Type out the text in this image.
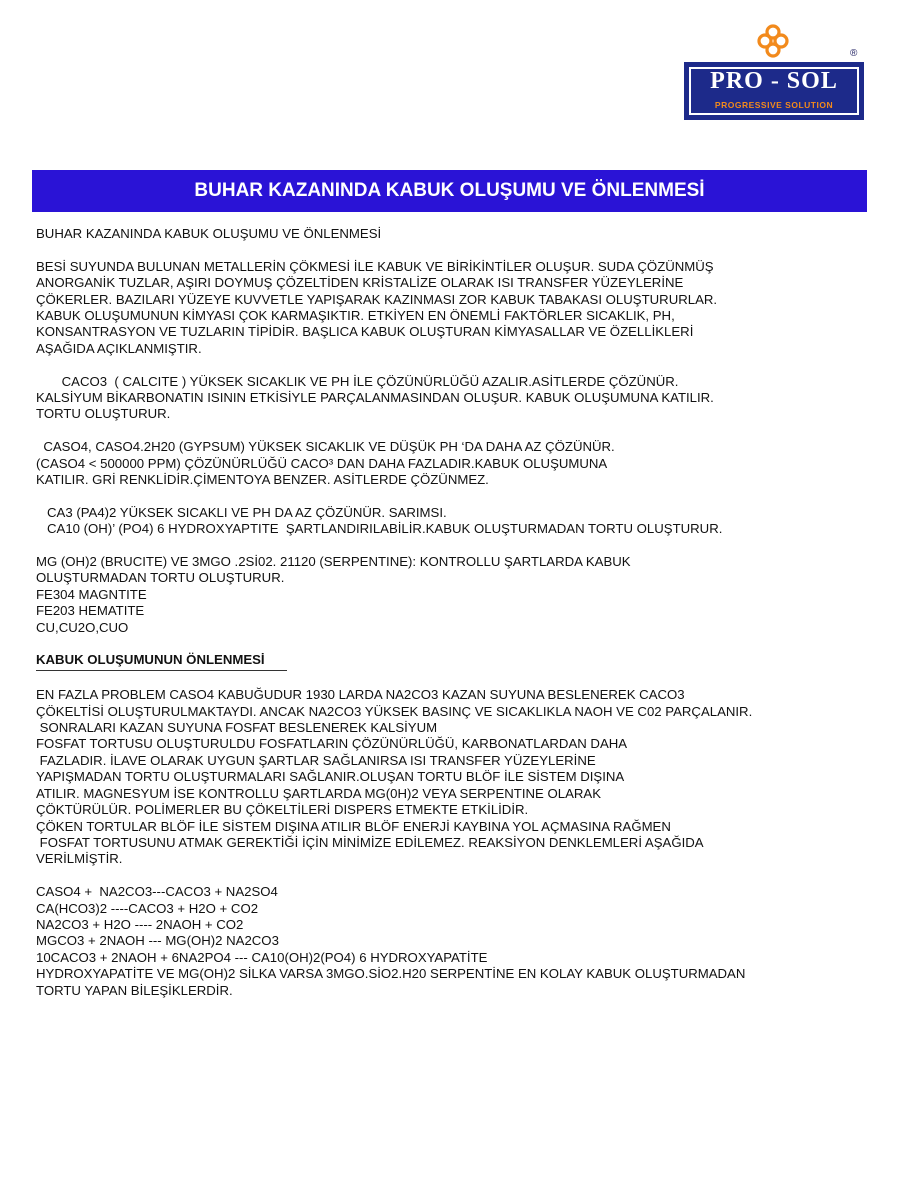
®
PRO - SOL
PROGRESSIVE SOLUTION
BUHAR KAZANINDA KABUK OLUŞUMU VE ÖNLENMESİ

BUHAR KAZANINDA KABUK OLUŞUMU VE ÖNLENMESİ

BESİ SUYUNDA BULUNAN METALLERİN ÇÖKMESİ İLE KABUK VE BİRİKİNTİLER OLUŞUR. SUDA ÇÖZÜNMÜŞ

ANORGANİK TUZLAR, AŞIRI DOYMUŞ ÇÖZELTİDEN KRİSTALİZE OLARAK ISI TRANSFER YÜZEYLERİNE

ÇÖKERLER. BAZILARI YÜZEYE KUVVETLE YAPIŞARAK KAZINMASI ZOR KABUK TABAKASI OLUŞTURURLAR.

KABUK OLUŞUMUNUN KİMYASI ÇOK KARMAŞIKTIR. ETKİYEN EN ÖNEMLİ FAKTÖRLER SICAKLIK, PH,

KONSANTRASYON VE TUZLARIN TİPİDİR. BAŞLICA KABUK OLUŞTURAN KİMYASALLAR VE ÖZELLİKLERİ

AŞAĞIDA AÇIKLANMIŞTIR.

CACO3  ( CALCITE ) YÜKSEK SICAKLIK VE PH İLE ÇÖZÜNÜRLÜĞÜ AZALIR.ASİTLERDE ÇÖZÜNÜR.

KALSİYUM BİKARBONATIN ISININ ETKİSİYLE PARÇALANMASINDAN OLUŞUR. KABUK OLUŞUMUNA KATILIR.

TORTU OLUŞTURUR.

CASO4, CASO4.2H20 (GYPSUM) YÜKSEK SICAKLIK VE DÜŞÜK PH ‘DA DAHA AZ ÇÖZÜNÜR.

(CASO4 < 500000 PPM) ÇÖZÜNÜRLÜĞÜ CACO³ DAN DAHA FAZLADIR.KABUK OLUŞUMUNA

KATILIR. GRİ RENKLİDİR.ÇİMENTOYA BENZER. ASİTLERDE ÇÖZÜNMEZ.

CA3 (PA4)2 YÜKSEK SICAKLI VE PH DA AZ ÇÖZÜNÜR. SARIMSI.

CA10 (OH)’ (PO4) 6 HYDROXYAPTITE  ŞARTLANDIRILABİLİR.KABUK OLUŞTURMADAN TORTU OLUŞTURUR.

MG (OH)2 (BRUCITE) VE 3MGO .2Sİ02. 21120 (SERPENTINE): KONTROLLU ŞARTLARDA KABUK

OLUŞTURMADAN TORTU OLUŞTURUR.

FE304 MAGNTITE

FE203 HEMATITE

CU,CU2O,CUO

KABUK OLUŞUMUNUN ÖNLENMESİ

EN FAZLA PROBLEM CASO4 KABUĞUDUR 1930 LARDA NA2CO3 KAZAN SUYUNA BESLENEREK CACO3

ÇÖKELTİSİ OLUŞTURULMAKTAYDI. ANCAK NA2CO3 YÜKSEK BASINÇ VE SICAKLIKLA NAOH VE C02 PARÇALANIR.

SONRALARI KAZAN SUYUNA FOSFAT BESLENEREK KALSİYUM

FOSFAT TORTUSU OLUŞTURULDU FOSFATLARIN ÇÖZÜNÜRLÜĞÜ, KARBONATLARDAN DAHA

FAZLADIR. İLAVE OLARAK UYGUN ŞARTLAR SAĞLANIRSA ISI TRANSFER YÜZEYLERİNE

YAPIŞMADAN TORTU OLUŞTURMALARI SAĞLANIR.OLUŞAN TORTU BLÖF İLE SİSTEM DIŞINA

ATILIR. MAGNESYUM İSE KONTROLLU ŞARTLARDA MG(0H)2 VEYA SERPENTINE OLARAK

ÇÖKTÜRÜLÜR. POLİMERLER BU ÇÖKELTİLERİ DISPERS ETMEKTE ETKİLİDİR.

ÇÖKEN TORTULAR BLÖF İLE SİSTEM DIŞINA ATILIR BLÖF ENERJİ KAYBINA YOL AÇMASINA RAĞMEN

FOSFAT TORTUSUNU ATMAK GEREKTİĞİ İÇİN MİNİMİZE EDİLEMEZ. REAKSİYON DENKLEMLERİ AŞAĞIDA

VERİLMİŞTİR.

CASO4 +  NA2CO3---CACO3 + NA2SO4

CA(HCO3)2 ----CACO3 + H2O + CO2

NA2CO3 + H2O ---- 2NAOH + CO2

MGCO3 + 2NAOH --- MG(OH)2 NA2CO3

10CACO3 + 2NAOH + 6NA2PO4 --- CA10(OH)2(PO4) 6 HYDROXYAPATİTE

HYDROXYAPATİTE VE MG(OH)2 SİLKA VARSA 3MGO.SİO2.H20 SERPENTİNE EN KOLAY KABUK OLUŞTURMADAN

TORTU YAPAN BİLEŞİKLERDİR.
